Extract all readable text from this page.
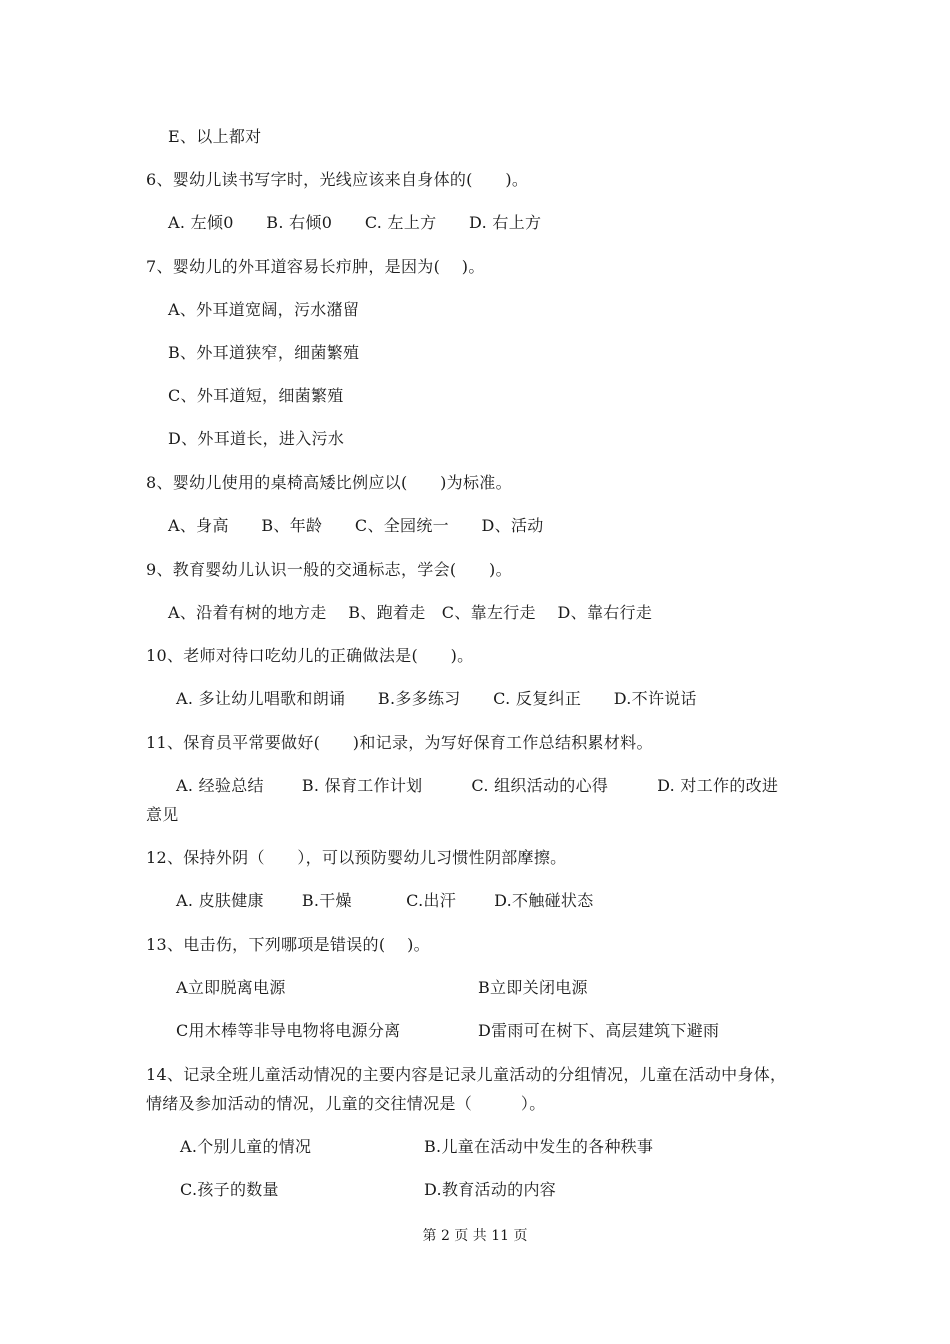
E、以上都对
6、婴幼儿读书写字时，光线应该来自身体的(　　)。
A. 左倾0　　B. 右倾0　　C. 左上方　　D. 右上方
7、婴幼儿的外耳道容易长疖肿，是因为(　 )。
A、外耳道宽阔，污水潴留
B、外耳道狭窄，细菌繁殖
C、外耳道短，细菌繁殖
D、外耳道长，进入污水
8、婴幼儿使用的桌椅高矮比例应以(　　)为标准。
A、身高　　B、年龄　　C、全园统一　　D、活动
9、教育婴幼儿认识一般的交通标志，学会(　　)。
A、沿着有树的地方走　 B、跑着走　C、靠左行走　 D、靠右行走
10、老师对待口吃幼儿的正确做法是(　　)。
A. 多让幼儿唱歌和朗诵　　B.多多练习　　C. 反复纠正　　D.不许说话
11、保育员平常要做好(　　)和记录，为写好保育工作总结积累材料。
A. 经验总结　　 B. 保育工作计划　　　C. 组织活动的心得　　　D. 对工作的改进
意见
12、保持外阴（　　），可以预防婴幼儿习惯性阴部摩擦。
A. 皮肤健康　　 B.干燥　　　 C.出汗　　 D.不触碰状态
13、电击伤，下列哪项是错误的(　 )。
A立即脱离电源	B立即关闭电源
C用木棒等非导电物将电源分离	D雷雨可在树下、高层建筑下避雨
14、记录全班儿童活动情况的主要内容是记录儿童活动的分组情况，儿童在活动中身体，
情绪及参加活动的情况，儿童的交往情况是（　　　）。
A.个别儿童的情况	B.儿童在活动中发生的各种秩事
C.孩子的数量	D.教育活动的内容
第 2 页 共 11 页
